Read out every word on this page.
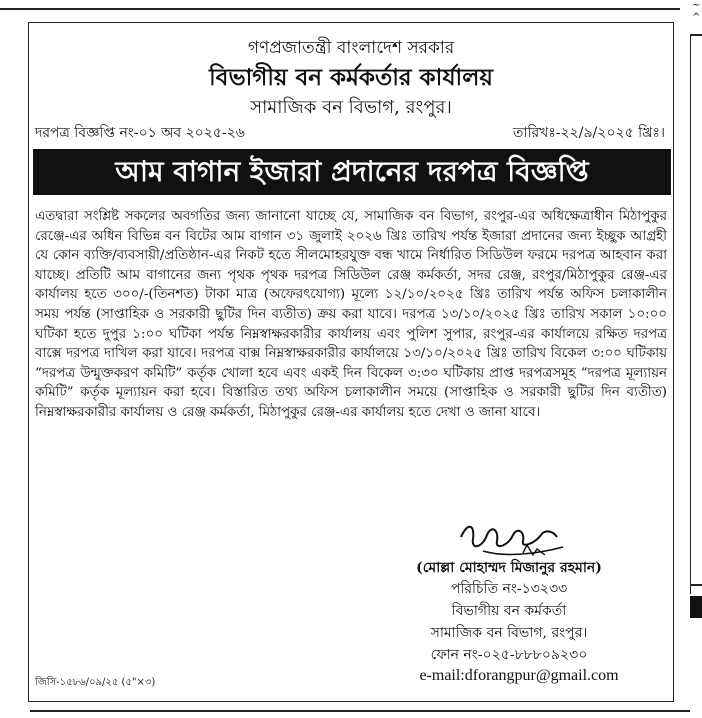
~
^
গণপ্রজাতন্ত্রী বাংলাদেশ সরকার
বিভাগীয় বন কর্মকর্তার কার্যালয়
সামাজিক বন বিভাগ, রংপুর।
দরপত্র বিজ্ঞপ্তি নং-০১ অব ২০২৫-২৬	তারিখঃ-২২/৯/২০২৫ খ্রিঃ।
আম বাগান ইজারা প্রদানের দরপত্র বিজ্ঞপ্তি
এতদ্বারা সংশ্লিষ্ট সকলের অবগতির জন্য জানানো যাচ্ছে যে, সামাজিক বন বিভাগ, রংপুর-এর অধিক্ষেত্রাধীন মিঠাপুকুর রেঞ্জে-এর অধিন বিভিন্ন বন বিটের আম বাগান ৩১ জুলাই ২০২৬ খ্রিঃ তারিখ পর্যন্ত ইজারা প্রদানের জন্য ইচ্ছুক আগ্রহী যে কোন ব্যক্তি/ব্যবসায়ী/প্রতিষ্ঠান-এর নিকট হতে সীলমোহরযুক্ত বন্ধ খামে নির্ধারিত সিডিউল ফরমে দরপত্র আহবান করা যাচ্ছে। প্রতিটি আম বাগানের জন্য পৃথক পৃথক দরপত্র সিডিউল রেঞ্জ কর্মকর্তা, সদর রেঞ্জ, রংপুর/মিঠাপুকুর রেঞ্জ-এর কার্যালয় হতে ৩০০/-(তিনশত) টাকা মাত্র (অফেরৎযোগ্য) মূল্যে ১২/১০/২০২৫ খ্রিঃ তারিখ পর্যন্ত অফিস চলাকালীন সময় পর্যন্ত (সাপ্তাহিক ও সরকারী ছুটির দিন ব্যতীত) ক্রয় করা যাবে। দরপত্র ১৩/১০/২০২৫ খ্রিঃ তারিখ সকাল ১০:০০ ঘটিকা হতে দুপুর ১:০০ ঘটিকা পর্যন্ত নিম্নস্বাক্ষরকারীর কার্যালয় এবং পুলিশ সুপার, রংপুর-এর কার্যালয়ে রক্ষিত দরপত্র বাক্সে দরপত্র দাখিল করা যাবে। দরপত্র বাক্স নিম্নস্বাক্ষরকারীর কার্যালয়ে ১৩/১০/২০২৫ খ্রিঃ তারিখ বিকেল ৩:০০ ঘটিকায় “দরপত্র উন্মুক্তকরণ কমিটি” কর্তৃক খোলা হবে এবং একই দিন বিকেল ৩:৩০ ঘটিকায় প্রাপ্ত দরপত্রসমূহ “দরপত্র মূল্যায়ন কমিটি” কর্তৃক মূল্যায়ন করা হবে। বিস্তারিত তথ্য অফিস চলাকালীন সময়ে (সাপ্তাহিক ও সরকারী ছুটির দিন ব্যতীত) নিম্নস্বাক্ষরকারীর কার্যালয় ও রেঞ্জ কর্মকর্তা, মিঠাপুকুর রেঞ্জ-এর কার্যালয় হতে দেখা ও জানা যাবে।
(মোল্লা মোহাম্মদ মিজানুর রহমান)
পরিচিতি নং-১৩২৩৩
বিভাগীয় বন কর্মকর্তা
সামাজিক বন বিভাগ, রংপুর।
ফোন নং-০২৫-৮৮৮০৯২৩০
e-mail:dforangpur@gmail.com
জিসি-১৫৮৬/০৯/২৫ (৫"×৩)
